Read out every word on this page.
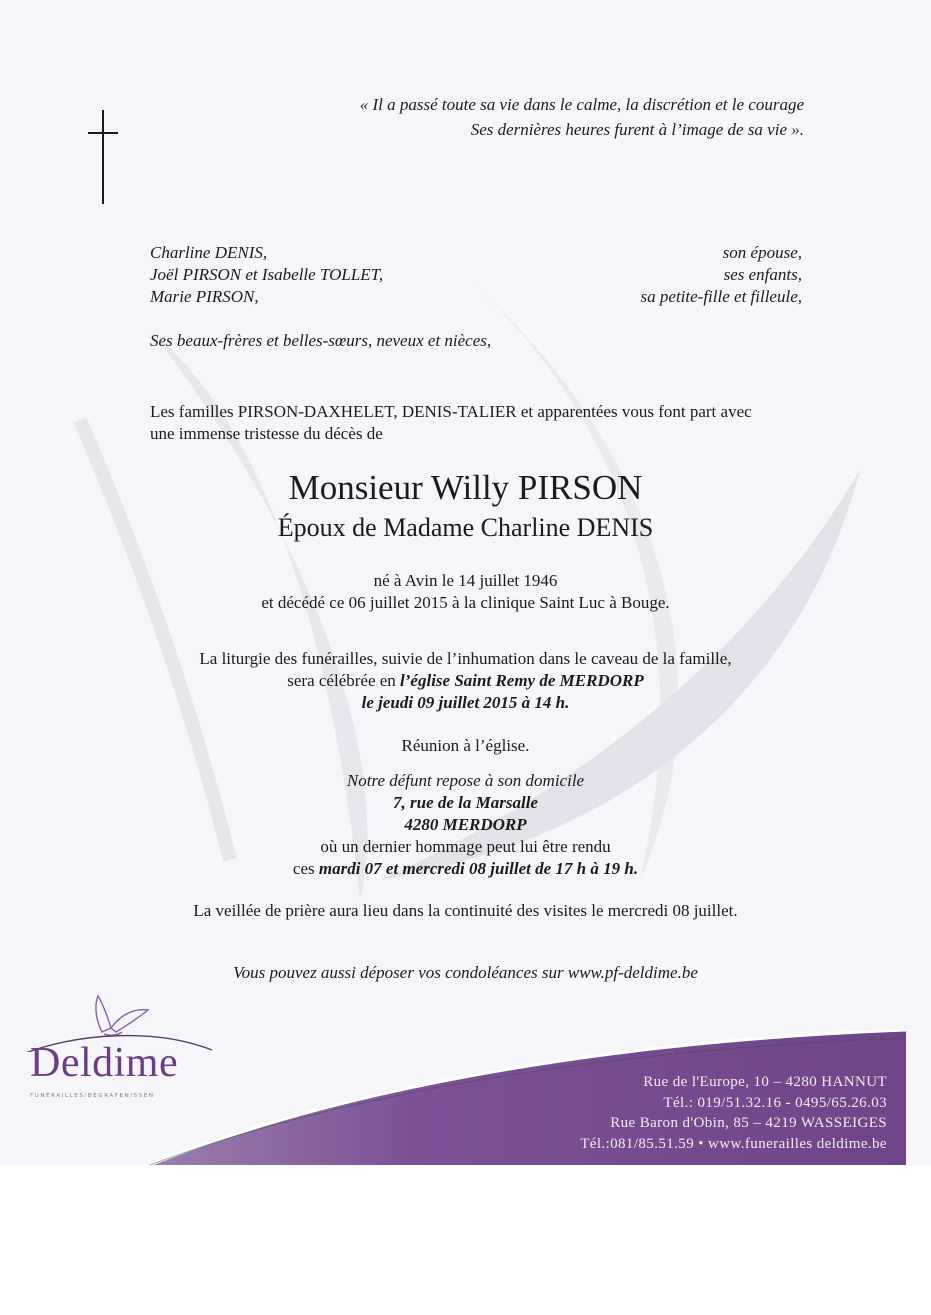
« Il a passé toute sa vie dans le calme, la discrétion et le courage
Ses dernières heures furent à l’image de sa vie ».
Charline DENIS,	son épouse,
Joël PIRSON et Isabelle TOLLET,	ses enfants,
Marie PIRSON,	sa petite-fille et filleule,
Ses beaux-frères et belles-sœurs, neveux et nièces,
Les familles PIRSON-DAXHELET, DENIS-TALIER et apparentées vous font part avec
une immense tristesse du décès de
Monsieur Willy PIRSON
Époux de Madame Charline DENIS
né à Avin le 14 juillet 1946
et décédé ce 06 juillet 2015 à la clinique Saint Luc à Bouge.
La liturgie des funérailles, suivie de l’inhumation dans le caveau de la famille,
sera célébrée en l’église Saint Remy de MERDORP
le jeudi 09 juillet 2015 à 14 h.
Réunion à l’église.
Notre défunt repose à son domicile
7, rue de la Marsalle
4280 MERDORP
où un dernier hommage peut lui être rendu
ces mardi 07 et mercredi 08 juillet de 17 h à 19 h.
La veillée de prière aura lieu dans la continuité des visites le mercredi 08 juillet.
Vous pouvez aussi déposer vos condoléances sur www.pf-deldime.be
Deldime
FUNÉRAILLES/BEGRAFENISSEN
Rue de l'Europe, 10 – 4280 HANNUT
Tél.: 019/51.32.16 - 0495/65.26.03
Rue Baron d'Obin, 85 – 4219 WASSEIGES
Tél.:081/85.51.59 • www.funerailles deldime.be
